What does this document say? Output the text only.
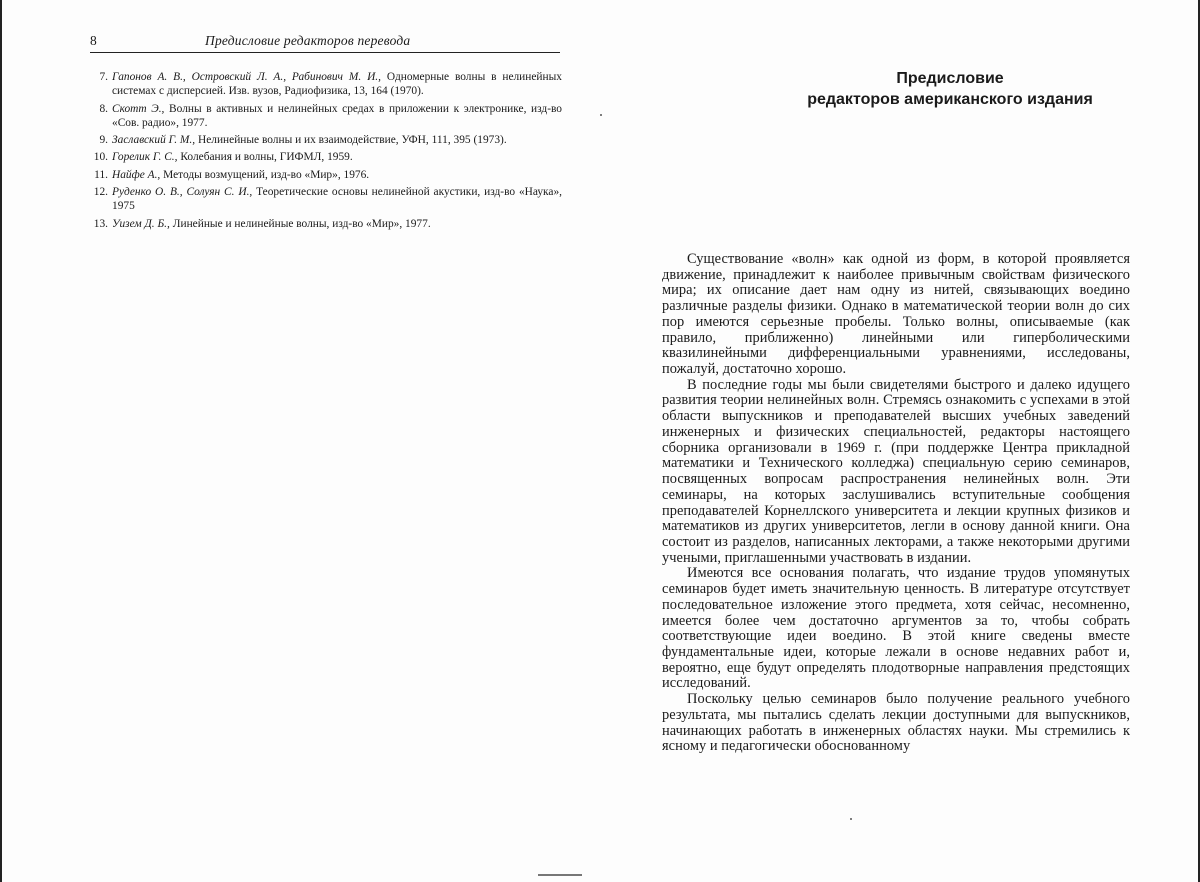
8	Предисловие редакторов перевода
7. Гапонов А. В., Островский Л. А., Рабинович М. И., Одномерные волны в нелинейных системах с дисперсией. Изв. вузов, Радиофизика, 13, 164 (1970).
8. Скотт Э., Волны в активных и нелинейных средах в приложении к электронике, изд-во «Сов. радио», 1977.
9. Заславский Г. М., Нелинейные волны и их взаимодействие, УФН, 111, 395 (1973).
10. Горелик Г. С., Колебания и волны, ГИФМЛ, 1959.
11. Найфе А., Методы возмущений, изд-во «Мир», 1976.
12. Руденко О. В., Солуян С. И., Теоретические основы нелинейной акустики, изд-во «Наука», 1975
13. Уизем Д. Б., Линейные и нелинейные волны, изд-во «Мир», 1977.
Предисловие
редакторов американского издания

Существование «волн» как одной из форм, в которой проявляется движение, принадлежит к наиболее привычным свойствам физического мира; их описание дает нам одну из нитей, связывающих воедино различные разделы физики. Однако в математической теории волн до сих пор имеются серьезные пробелы. Только волны, описываемые (как правило, приближенно) линейными или гиперболическими квазилинейными дифференциальными уравнениями, исследованы, пожалуй, достаточно хорошо.

В последние годы мы были свидетелями быстрого и далеко идущего развития теории нелинейных волн. Стремясь ознакомить с успехами в этой области выпускников и преподавателей высших учебных заведений инженерных и физических специальностей, редакторы настоящего сборника организовали в 1969 г. (при поддержке Центра прикладной математики и Технического колледжа) специальную серию семинаров, посвященных вопросам распространения нелинейных волн. Эти семинары, на которых заслушивались вступительные сообщения преподавателей Корнеллского университета и лекции крупных физиков и математиков из других университетов, легли в основу данной книги. Она состоит из разделов, написанных лекторами, а также некоторыми другими учеными, приглашенными участвовать в издании.

Имеются все основания полагать, что издание трудов упомянутых семинаров будет иметь значительную ценность. В литературе отсутствует последовательное изложение этого предмета, хотя сейчас, несомненно, имеется более чем достаточно аргументов за то, чтобы собрать соответствующие идеи воедино. В этой книге сведены вместе фундаментальные идеи, которые лежали в основе недавних работ и, вероятно, еще будут определять плодотворные направления предстоящих исследований.

Поскольку целью семинаров было получение реального учебного результата, мы пытались сделать лекции доступными для выпускников, начинающих работать в инженерных областях науки. Мы стремились к ясному и педагогически обоснованному
